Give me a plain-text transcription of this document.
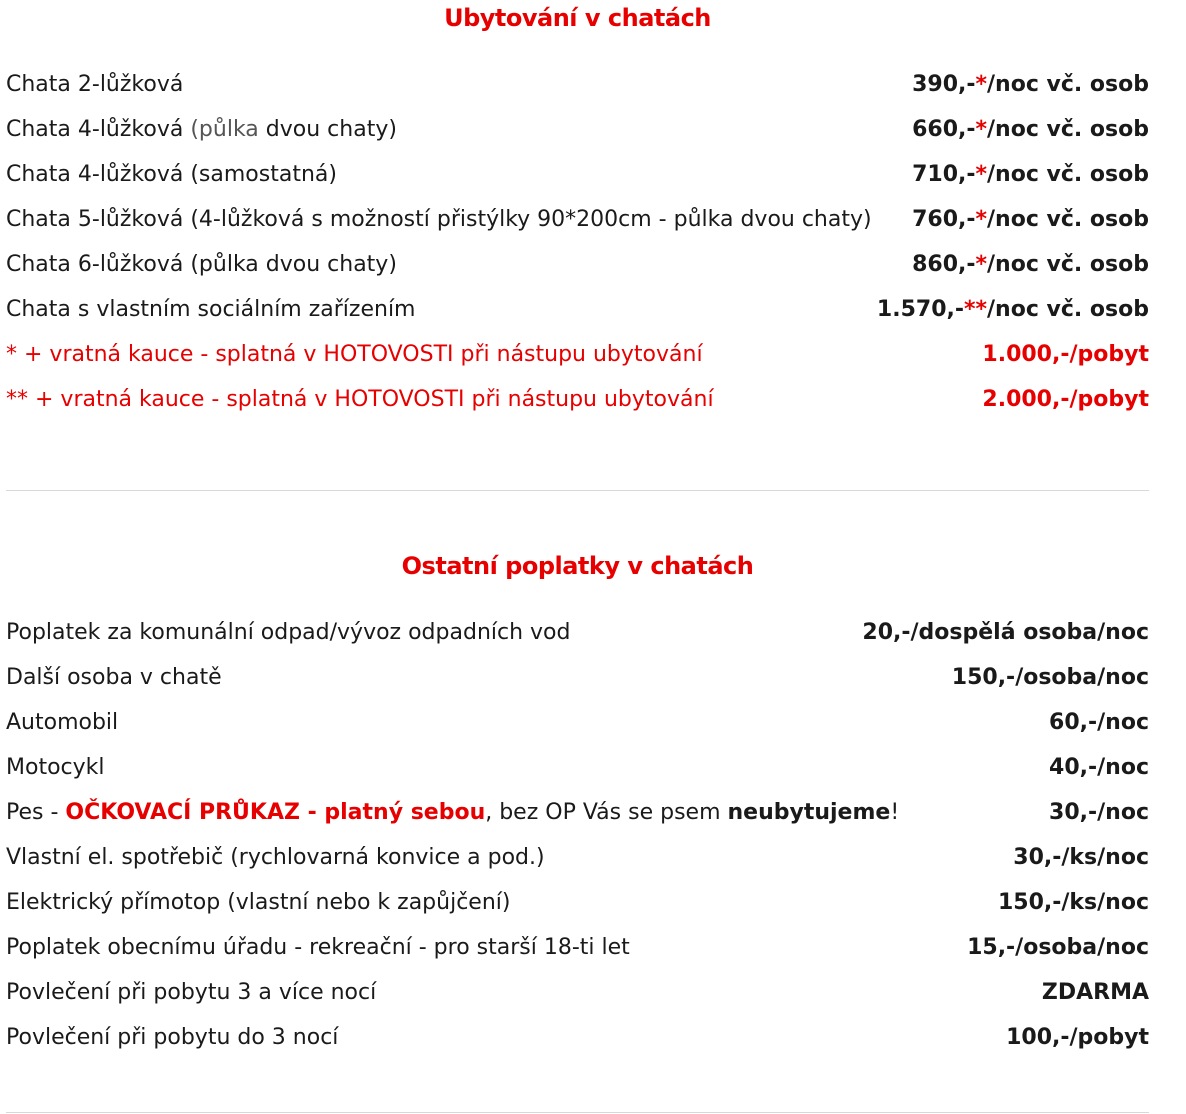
Ubytování v chatách
Chata 2-lůžková	390,-*/noc vč. osob
Chata 4-lůžková (půlka dvou chaty)	660,-*/noc vč. osob
Chata 4-lůžková (samostatná)	710,-*/noc vč. osob
Chata 5-lůžková (4-lůžková s možností přistýlky 90*200cm - půlka dvou chaty) 760,-*/noc vč. osob
Chata 6-lůžková (půlka dvou chaty)	860,-*/noc vč. osob
Chata s vlastním sociálním zařízením	1.570,-**/noc vč. osob
* + vratná kauce - splatná v HOTOVOSTI při nástupu ubytování	1.000,-/pobyt
** + vratná kauce - splatná v HOTOVOSTI při nástupu ubytování	2.000,-/pobyt
Ostatní poplatky v chatách
Poplatek za komunální odpad/vývoz odpadních vod	20,-/dospělá osoba/noc
Další osoba v chatě	150,-/osoba/noc
Automobil	60,-/noc
Motocykl	40,-/noc
Pes - OČKOVACÍ PRŮKAZ - platný sebou, bez OP Vás se psem neubytujeme!	30,-/noc
Vlastní el. spotřebič (rychlovarná konvice a pod.)	30,-/ks/noc
Elektrický přímotop (vlastní nebo k zapůjčení)	150,-/ks/noc
Poplatek obecnímu úřadu - rekreační - pro starší 18-ti let	15,-/osoba/noc
Povlečení při pobytu 3 a více nocí	ZDARMA
Povlečení při pobytu do 3 nocí	100,-/pobyt
